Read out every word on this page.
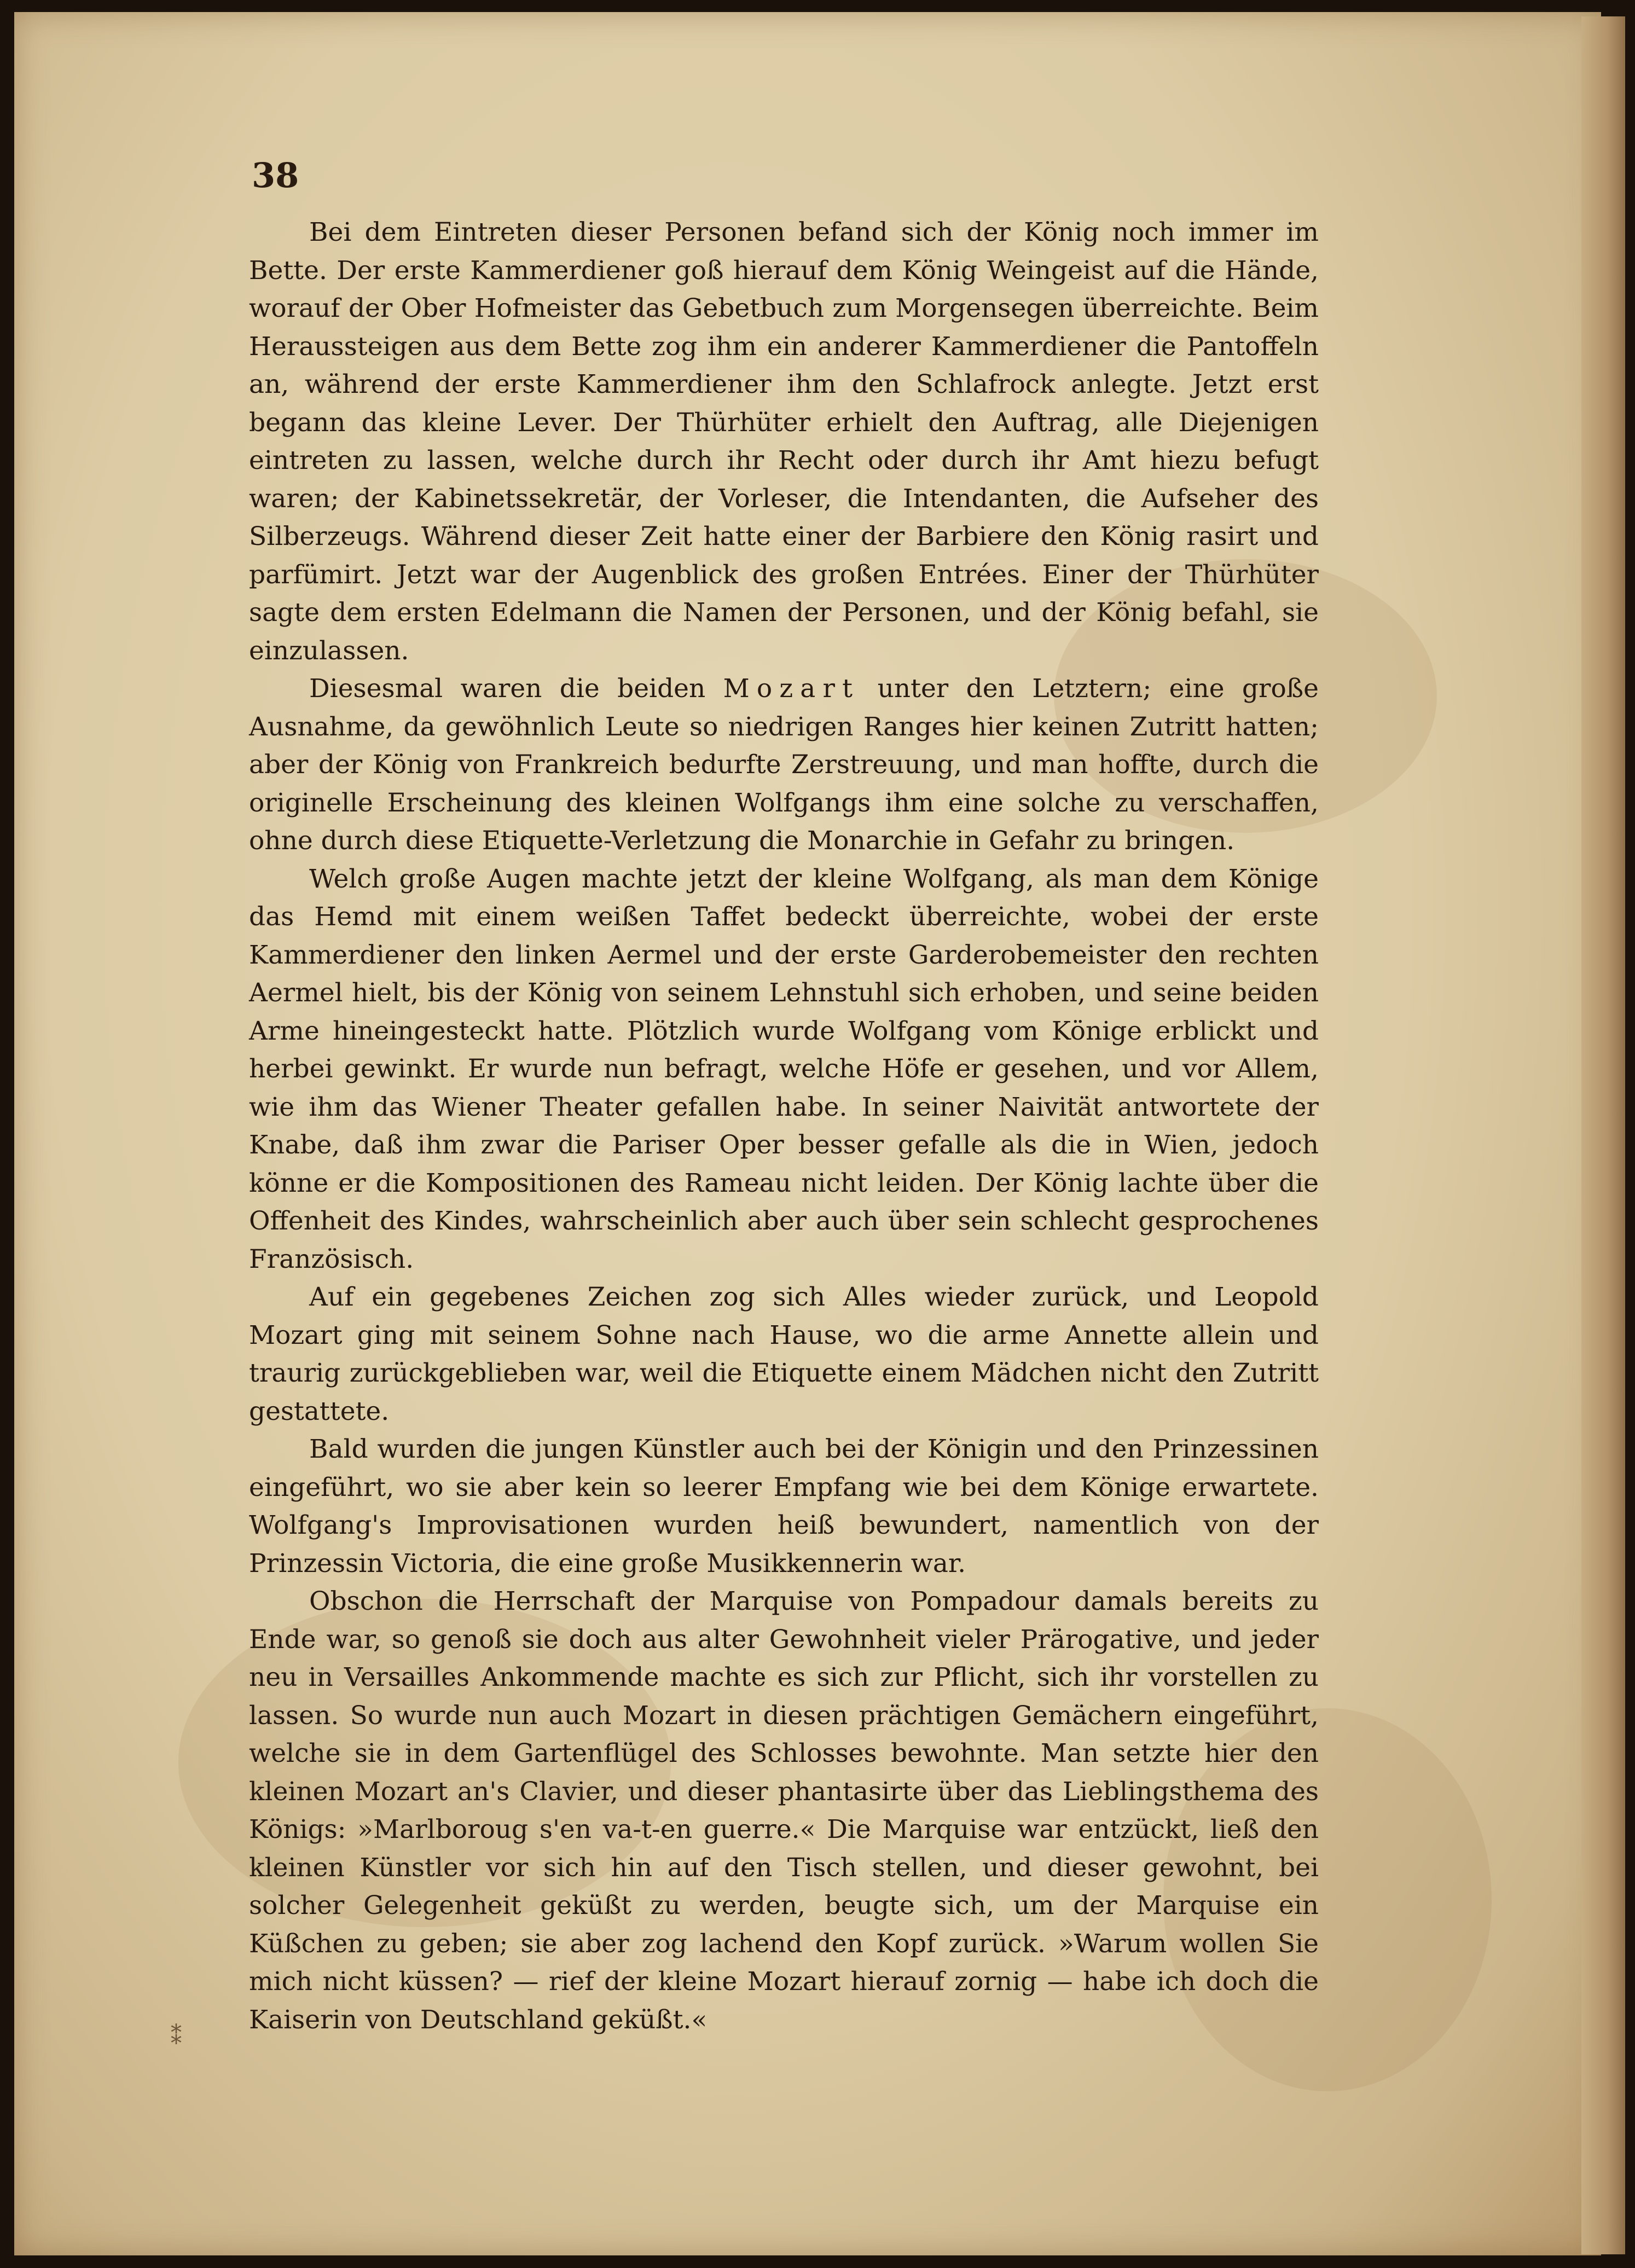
38

Bei dem Eintreten dieser Personen befand sich der König noch immer im Bette. Der erste Kammerdiener goß hierauf dem König Weingeist auf die Hände, worauf der Ober Hofmeister das Gebetbuch zum Morgensegen überreichte. Beim Heraussteigen aus dem Bette zog ihm ein anderer Kammerdiener die Pantoffeln an, während der erste Kammerdiener ihm den Schlafrock anlegte. Jetzt erst begann das kleine Lever. Der Thürhüter erhielt den Auftrag, alle Diejenigen eintreten zu lassen, welche durch ihr Recht oder durch ihr Amt hiezu befugt waren; der Kabinetssekretär, der Vorleser, die Intendanten, die Aufseher des Silberzeugs. Während dieser Zeit hatte einer der Barbiere den König rasirt und parfümirt. Jetzt war der Augenblick des großen Entrées. Einer der Thürhüter sagte dem ersten Edelmann die Namen der Personen, und der König befahl, sie einzulassen.

Diesesmal waren die beiden Mozart unter den Letztern; eine große Ausnahme, da gewöhnlich Leute so niedrigen Ranges hier keinen Zutritt hatten; aber der König von Frankreich bedurfte Zerstreuung, und man hoffte, durch die originelle Erscheinung des kleinen Wolfgangs ihm eine solche zu verschaffen, ohne durch diese Etiquette-Verletzung die Monarchie in Gefahr zu bringen.

Welch große Augen machte jetzt der kleine Wolfgang, als man dem Könige das Hemd mit einem weißen Taffet bedeckt überreichte, wobei der erste Kammerdiener den linken Aermel und der erste Garderobemeister den rechten Aermel hielt, bis der König von seinem Lehnstuhl sich erhoben, und seine beiden Arme hineingesteckt hatte. Plötzlich wurde Wolfgang vom Könige erblickt und herbei gewinkt. Er wurde nun befragt, welche Höfe er gesehen, und vor Allem, wie ihm das Wiener Theater gefallen habe. In seiner Naivität antwortete der Knabe, daß ihm zwar die Pariser Oper besser gefalle als die in Wien, jedoch könne er die Kompositionen des Rameau nicht leiden. Der König lachte über die Offenheit des Kindes, wahrscheinlich aber auch über sein schlecht gesprochenes Französisch.

Auf ein gegebenes Zeichen zog sich Alles wieder zurück, und Leopold Mozart ging mit seinem Sohne nach Hause, wo die arme Annette allein und traurig zurückgeblieben war, weil die Etiquette einem Mädchen nicht den Zutritt gestattete.

Bald wurden die jungen Künstler auch bei der Königin und den Prinzessinen eingeführt, wo sie aber kein so leerer Empfang wie bei dem Könige erwartete. Wolfgang's Improvisationen wurden heiß bewundert, namentlich von der Prinzessin Victoria, die eine große Musikkennerin war.

Obschon die Herrschaft der Marquise von Pompadour damals bereits zu Ende war, so genoß sie doch aus alter Gewohnheit vieler Prärogative, und jeder neu in Versailles Ankommende machte es sich zur Pflicht, sich ihr vorstellen zu lassen. So wurde nun auch Mozart in diesen prächtigen Gemächern eingeführt, welche sie in dem Gartenflügel des Schlosses bewohnte. Man setzte hier den kleinen Mozart an's Clavier, und dieser phantasirte über das Lieblingsthema des Königs: »Marlboroug s'en va-t-en guerre.« Die Marquise war entzückt, ließ den kleinen Künstler vor sich hin auf den Tisch stellen, und dieser gewohnt, bei solcher Gelegenheit geküßt zu werden, beugte sich, um der Marquise ein Küßchen zu geben; sie aber zog lachend den Kopf zurück. »Warum wollen Sie mich nicht küssen? — rief der kleine Mozart hierauf zornig — habe ich doch die Kaiserin von Deutschland geküßt.«

⁑
